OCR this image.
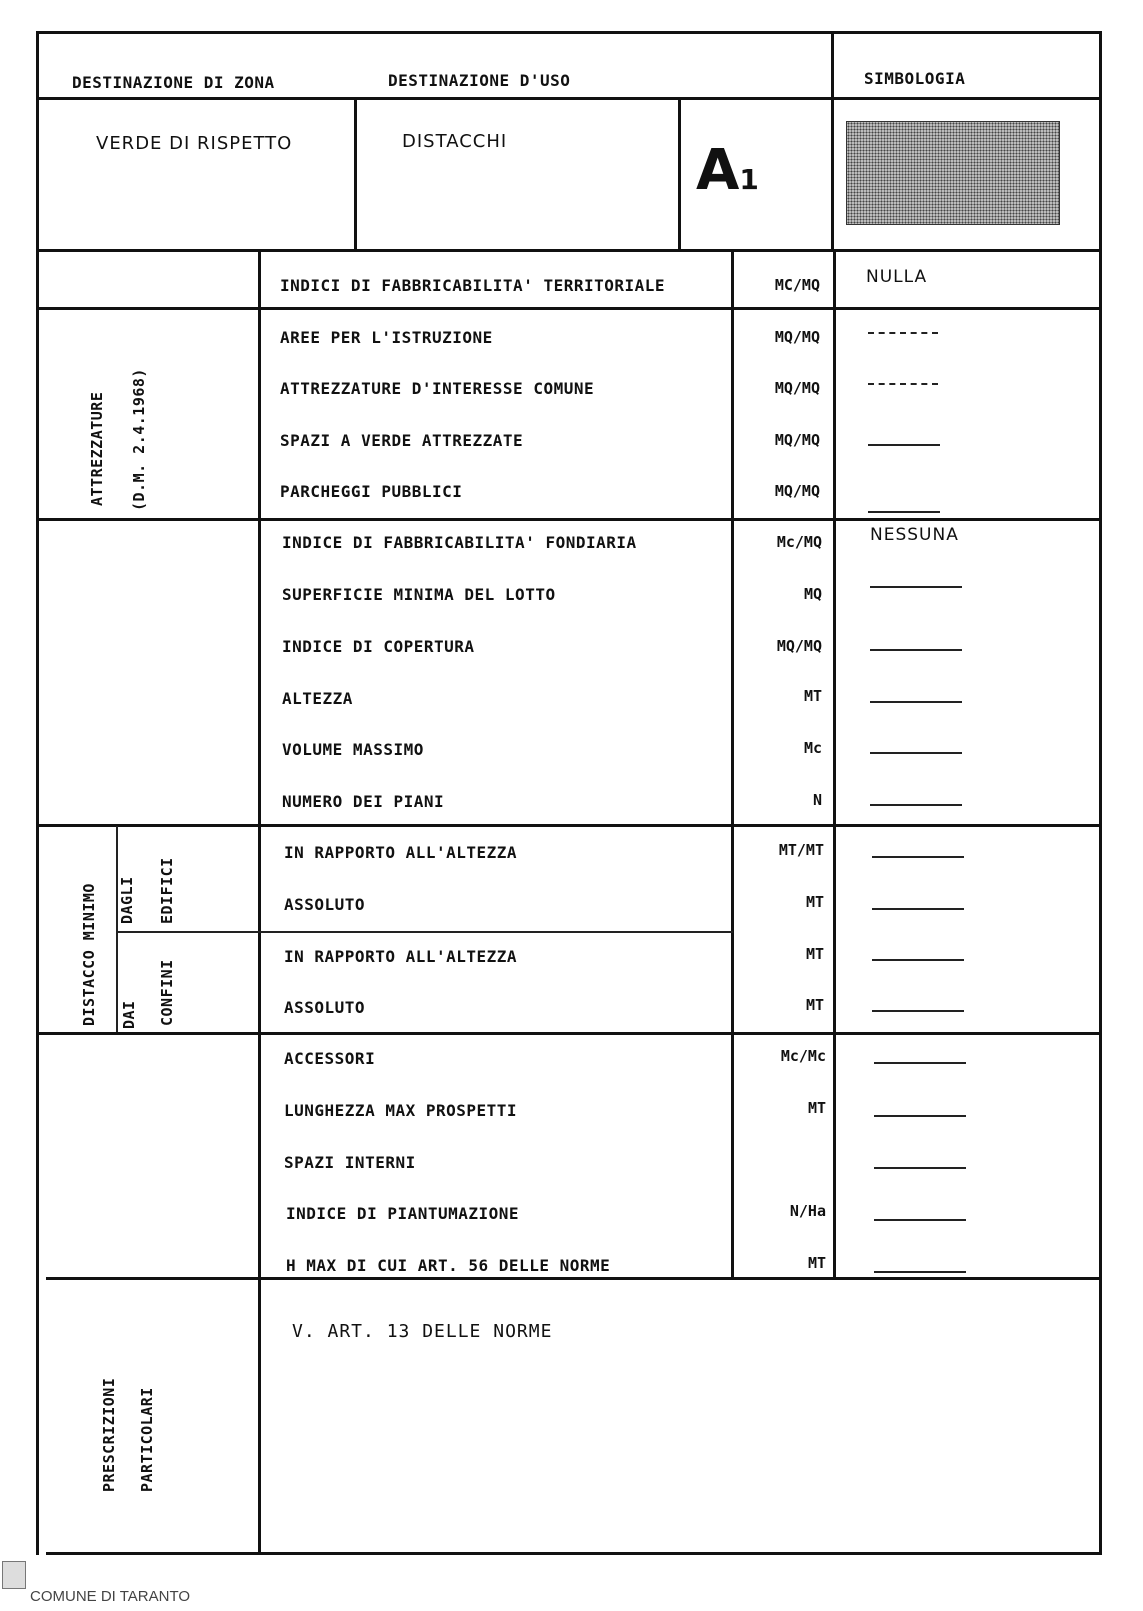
DESTINAZIONE DI ZONA	DESTINAZIONE D'USO	SIMBOLOGIA
VERDE DI RISPETTO	DISTACCHI	A1
INDICI DI FABBRICABILITA' TERRITORIALE	MC/MQ	NULLA
ATTREZZATURE (D.M. 2.4.1968)
AREE PER L'ISTRUZIONE	MQ/MQ
ATTREZZATURE D'INTERESSE COMUNE	MQ/MQ
SPAZI A VERDE ATTREZZATE	MQ/MQ
PARCHEGGI PUBBLICI	MQ/MQ
INDICE DI FABBRICABILITA' FONDIARIA	Mc/MQ	NESSUNA
SUPERFICIE MINIMA DEL LOTTO	MQ
INDICE DI COPERTURA	MQ/MQ
ALTEZZA	MT
VOLUME MASSIMO	Mc
NUMERO DEI PIANI	N
DISTACCO MINIMO DAGLI EDIFICI
DAI CONFINI
IN RAPPORTO ALL'ALTEZZA	MT/MT
ASSOLUTO	MT
IN RAPPORTO ALL'ALTEZZA	MT
ASSOLUTO	MT
ACCESSORI	Mc/Mc
LUNGHEZZA MAX PROSPETTI	MT
SPAZI INTERNI
INDICE DI PIANTUMAZIONE	N/Ha
H MAX DI CUI ART. 56 DELLE NORME	MT
PRESCRIZIONI PARTICOLARI
V. ART. 13 DELLE NORME
COMUNE DI TARANTO
